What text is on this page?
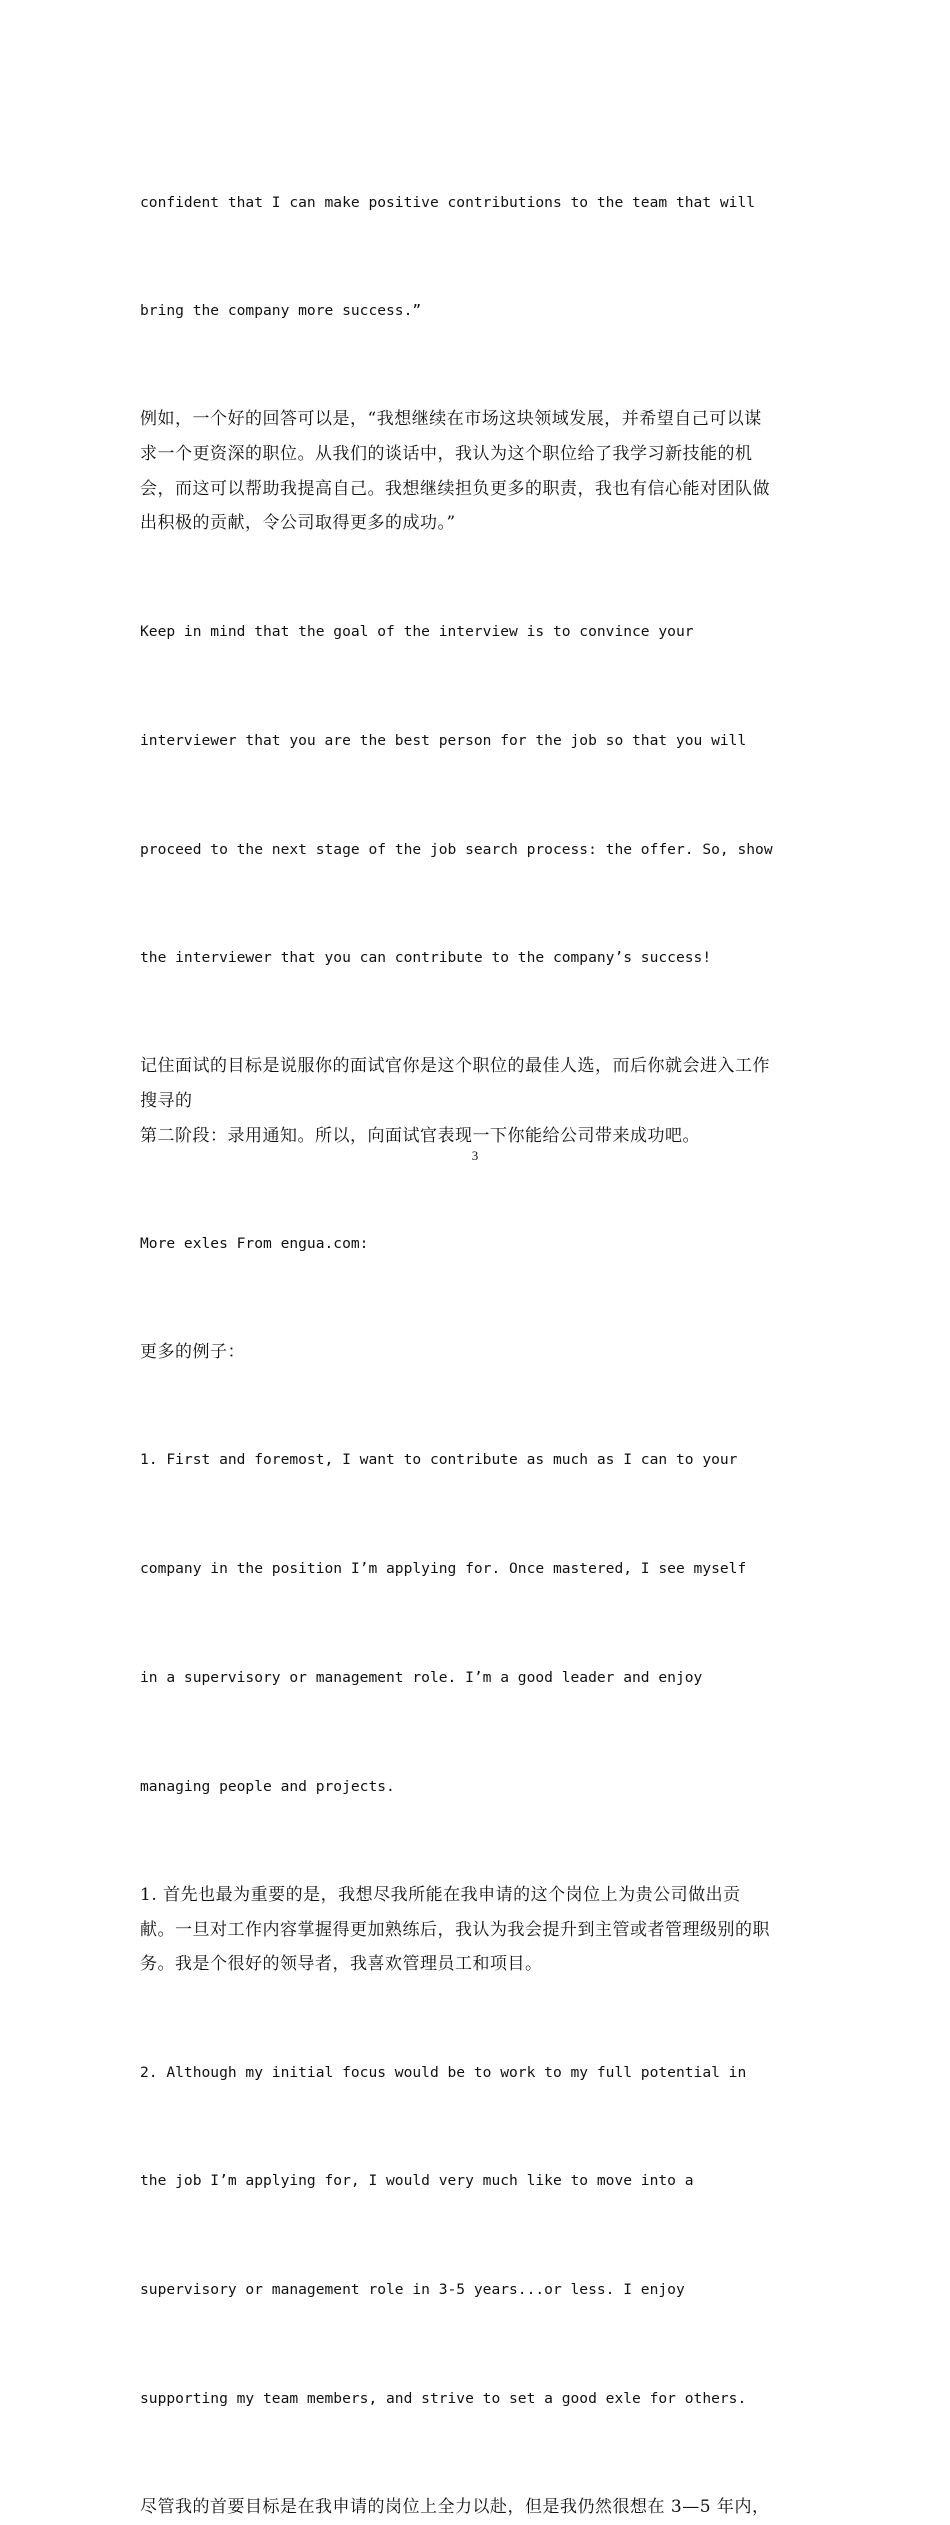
confident that I can make positive contributions to the team that will

bring the company more success.”

例如，一个好的回答可以是，“我想继续在市场这块领域发展，并希望自己可以谋
求一个更资深的职位。从我们的谈话中，我认为这个职位给了我学习新技能的机
会，而这可以帮助我提高自己。我想继续担负更多的职责，我也有信心能对团队做
出积极的贡献，令公司取得更多的成功。”

Keep in mind that the goal of the interview is to convince your

interviewer that you are the best person for the job so that you will

proceed to the next stage of the job search process: the offer. So, show

the interviewer that you can contribute to the company’s success!

记住面试的目标是说服你的面试官你是这个职位的最佳人选，而后你就会进入工作
搜寻的

第二阶段：录用通知。所以，向面试官表现一下你能给公司带来成功吧。

More exles From engua.com:

更多的例子：

1. First and foremost, I want to contribute as much as I can to your

company in the position I’m applying for. Once mastered, I see myself

in a supervisory or management role. I’m a good leader and enjoy

managing people and projects.

1. 首先也最为重要的是，我想尽我所能在我申请的这个岗位上为贵公司做出贡
献。一旦对工作内容掌握得更加熟练后，我认为我会提升到主管或者管理级别的职
务。我是个很好的领导者，我喜欢管理员工和项目。

2. Although my initial focus would be to work to my full potential in

the job I’m applying for, I would very much like to move into a

supervisory or management role in 3-5 years...or less. I enjoy

supporting my team members, and strive to set a good exle for others.

尽管我的首要目标是在我申请的岗位上全力以赴，但是我仍然很想在 3—5 年内，

3
